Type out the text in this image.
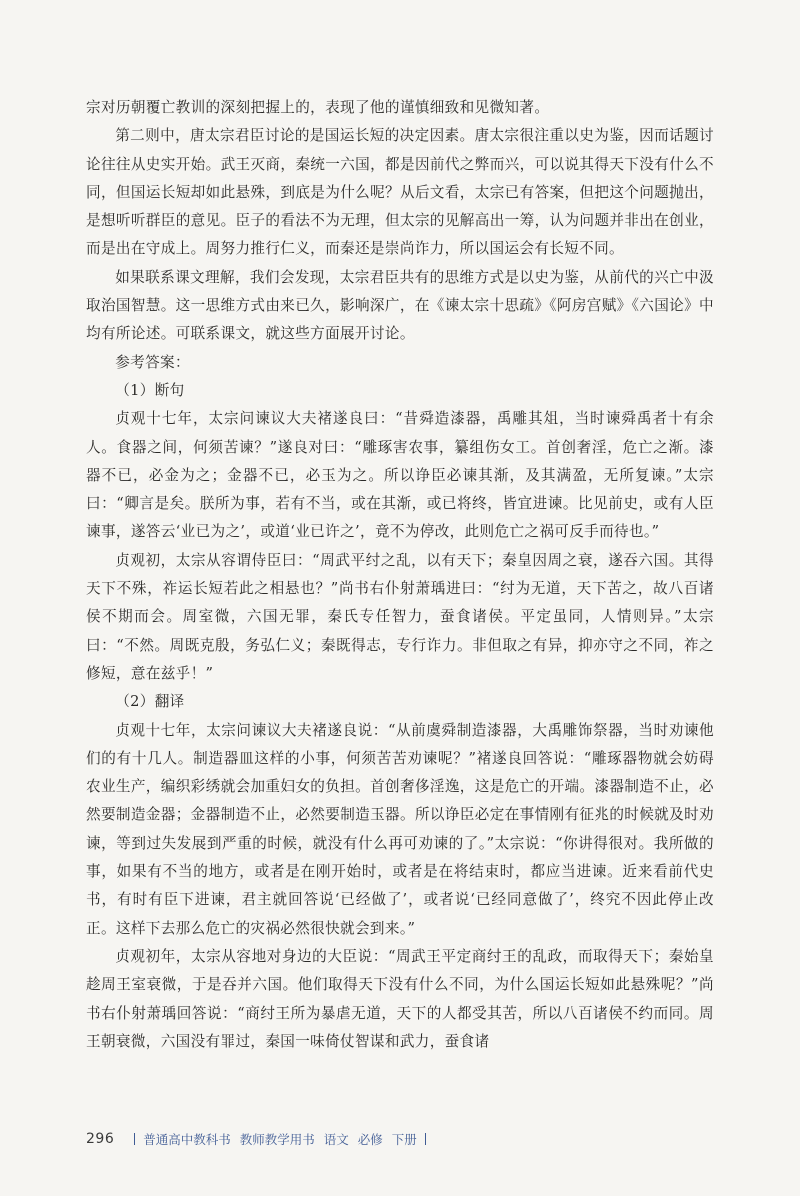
宗对历朝覆亡教训的深刻把握上的，表现了他的谨慎细致和见微知著。

第二则中，唐太宗君臣讨论的是国运长短的决定因素。唐太宗很注重以史为鉴，因而话题讨论往往从史实开始。武王灭商，秦统一六国，都是因前代之弊而兴，可以说其得天下没有什么不同，但国运长短却如此悬殊，到底是为什么呢？从后文看，太宗已有答案，但把这个问题抛出，是想听听群臣的意见。臣子的看法不为无理，但太宗的见解高出一筹，认为问题并非出在创业，而是出在守成上。周努力推行仁义，而秦还是崇尚诈力，所以国运会有长短不同。

如果联系课文理解，我们会发现，太宗君臣共有的思维方式是以史为鉴，从前代的兴亡中汲取治国智慧。这一思维方式由来已久，影响深广，在《谏太宗十思疏》《阿房宫赋》《六国论》中均有所论述。可联系课文，就这些方面展开讨论。

参考答案：

（1）断句

贞观十七年，太宗问谏议大夫褚遂良曰：“昔舜造漆器，禹雕其俎，当时谏舜禹者十有余人。食器之间，何须苦谏？”遂良对曰：“雕琢害农事，纂组伤女工。首创奢淫，危亡之渐。漆器不已，必金为之；金器不已，必玉为之。所以诤臣必谏其渐，及其满盈，无所复谏。”太宗曰：“卿言是矣。朕所为事，若有不当，或在其渐，或已将终，皆宜进谏。比见前史，或有人臣谏事，遂答云‘业已为之’，或道‘业已许之’，竟不为停改，此则危亡之祸可反手而待也。”

贞观初，太宗从容谓侍臣曰：“周武平纣之乱，以有天下；秦皇因周之衰，遂吞六国。其得天下不殊，祚运长短若此之相悬也？”尚书右仆射萧瑀进曰：“纣为无道，天下苦之，故八百诸侯不期而会。周室微，六国无罪，秦氏专任智力，蚕食诸侯。平定虽同，人情则异。”太宗曰：“不然。周既克殷，务弘仁义；秦既得志，专行诈力。非但取之有异，抑亦守之不同，祚之修短，意在兹乎！”

（2）翻译

贞观十七年，太宗问谏议大夫褚遂良说：“从前虞舜制造漆器，大禹雕饰祭器，当时劝谏他们的有十几人。制造器皿这样的小事，何须苦苦劝谏呢？”褚遂良回答说：“雕琢器物就会妨碍农业生产，编织彩绣就会加重妇女的负担。首创奢侈淫逸，这是危亡的开端。漆器制造不止，必然要制造金器；金器制造不止，必然要制造玉器。所以诤臣必定在事情刚有征兆的时候就及时劝谏，等到过失发展到严重的时候，就没有什么再可劝谏的了。”太宗说：“你讲得很对。我所做的事，如果有不当的地方，或者是在刚开始时，或者是在将结束时，都应当进谏。近来看前代史书，有时有臣下进谏，君主就回答说‘已经做了’，或者说‘已经同意做了’，终究不因此停止改正。这样下去那么危亡的灾祸必然很快就会到来。”

贞观初年，太宗从容地对身边的大臣说：“周武王平定商纣王的乱政，而取得天下；秦始皇趁周王室衰微，于是吞并六国。他们取得天下没有什么不同，为什么国运长短如此悬殊呢？”尚书右仆射萧瑀回答说：“商纣王所为暴虐无道，天下的人都受其苦，所以八百诸侯不约而同。周王朝衰微，六国没有罪过，秦国一味倚仗智谋和武力，蚕食诸

296 普通高中教科书 教师教学用书 语文 必修 下册
